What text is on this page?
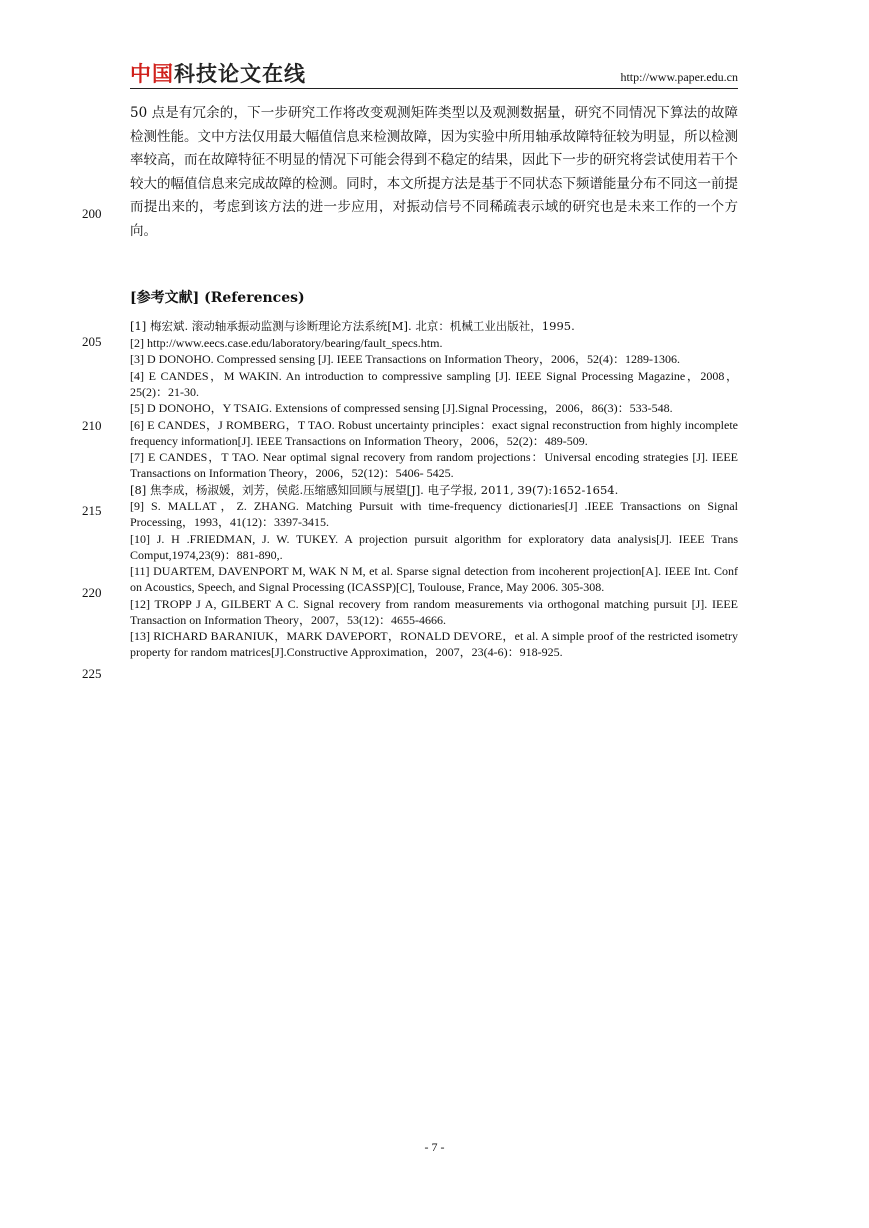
中国科技论文在线	http://www.paper.edu.cn

50 点是有冗余的，下一步研究工作将改变观测矩阵类型以及观测数据量，研究不同情况下算法的故障检测性能。文中方法仅用最大幅值信息来检测故障，因为实验中所用轴承故障特征较为明显，所以检测率较高，而在故障特征不明显的情况下可能会得到不稳定的结果，因此下一步的研究将尝试使用若干个较大的幅值信息来完成故障的检测。同时，本文所提方法是基于不同状态下频谱能量分布不同这一前提而提出来的，考虑到该方法的进一步应用，对振动信号不同稀疏表示域的研究也是未来工作的一个方向。

200
205
210
215
220
225
[参考文献] (References)
[1] 梅宏斌. 滚动轴承振动监测与诊断理论方法系统[M]. 北京：机械工业出版社，1995.
[2] http://www.eecs.case.edu/laboratory/bearing/fault_specs.htm.
[3] D DONOHO. Compressed sensing [J]. IEEE Transactions on Information Theory，2006，52(4)：1289-1306.
[4] E CANDES，M WAKIN. An introduction to compressive sampling [J]. IEEE Signal Processing Magazine，2008，25(2)：21-30.
[5] D DONOHO，Y TSAIG. Extensions of compressed sensing [J].Signal Processing，2006，86(3)：533-548.
[6] E CANDES，J ROMBERG，T TAO. Robust uncertainty principles：exact signal reconstruction from highly incomplete frequency information[J]. IEEE Transactions on Information Theory，2006，52(2)：489-509.
[7] E CANDES，T TAO. Near optimal signal recovery from random projections：Universal encoding strategies [J]. IEEE Transactions on Information Theory，2006，52(12)：5406- 5425.
[8] 焦李成，杨淑媛，刘芳，侯彪.压缩感知回顾与展望[J]. 电子学报, 2011, 39(7):1652-1654.
[9] S. MALLAT，Z. ZHANG. Matching Pursuit with time-frequency dictionaries[J] .IEEE Transactions on Signal Processing，1993，41(12)：3397-3415.
[10] J. H .FRIEDMAN, J. W. TUKEY. A projection pursuit algorithm for exploratory data analysis[J]. IEEE Trans Comput,1974,23(9)：881-890,.
[11] DUARTEM, DAVENPORT M, WAK N M, et al. Sparse signal detection from incoherent projection[A]. IEEE Int. Conf on Acoustics, Speech, and Signal Processing (ICASSP)[C], Toulouse, France, May 2006. 305-308.
[12] TROPP J A, GILBERT A C. Signal recovery from random measurements via orthogonal matching pursuit [J]. IEEE Transaction on Information Theory，2007，53(12)：4655-4666.
[13] RICHARD BARANIUK，MARK DAVEPORT，RONALD DEVORE，et al. A simple proof of the restricted isometry property for random matrices[J].Constructive Approximation，2007，23(4-6)：918-925.
- 7 -
